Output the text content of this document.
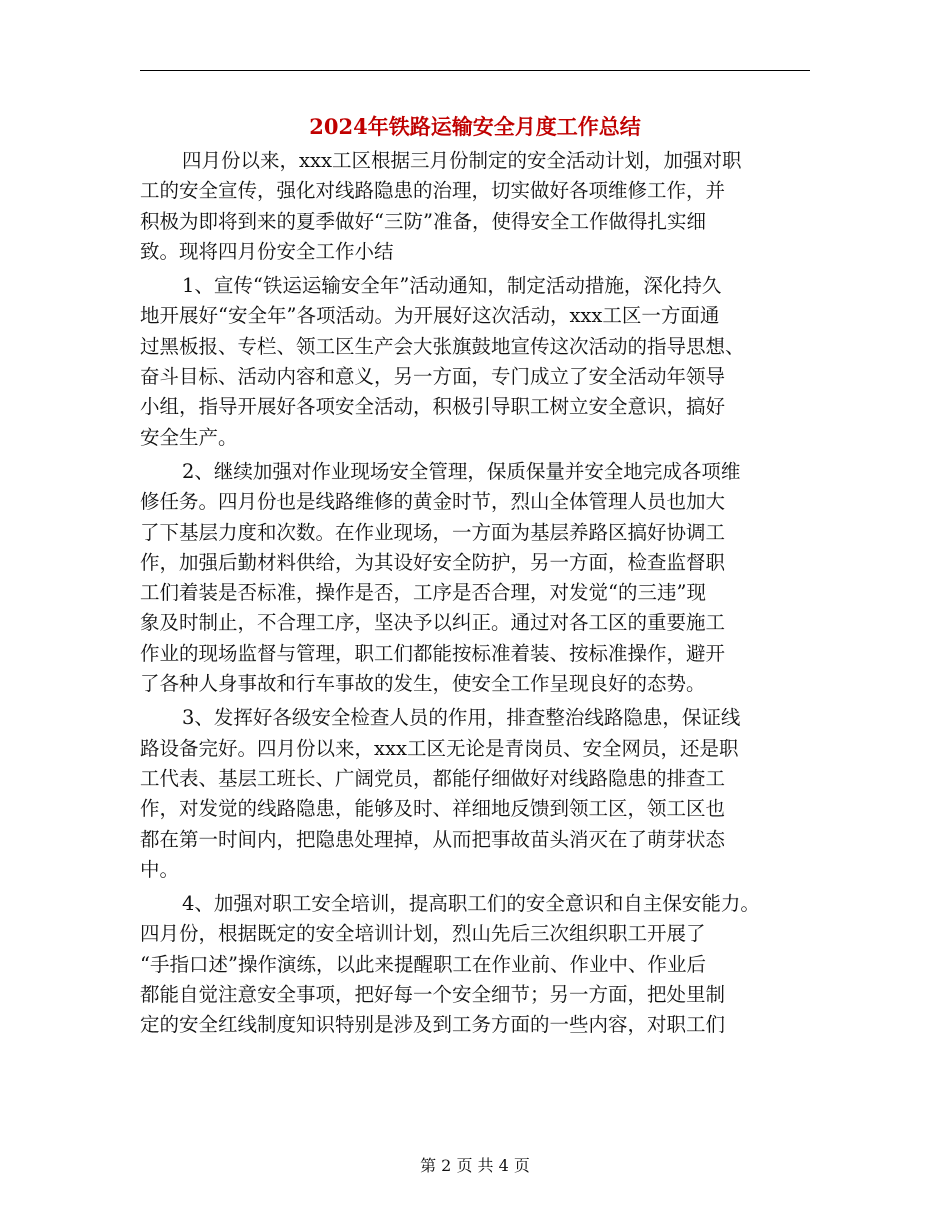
2024年铁路运输安全月度工作总结
四月份以来，xxx工区根据三月份制定的安全活动计划，加强对职
工的安全宣传，强化对线路隐患的治理，切实做好各项维修工作，并
积极为即将到来的夏季做好“三防”准备，使得安全工作做得扎实细
致。现将四月份安全工作小结
1、宣传“铁运运输安全年”活动通知，制定活动措施，深化持久
地开展好“安全年”各项活动。为开展好这次活动，xxx工区一方面通
过黑板报、专栏、领工区生产会大张旗鼓地宣传这次活动的指导思想、
奋斗目标、活动内容和意义，另一方面，专门成立了安全活动年领导
小组，指导开展好各项安全活动，积极引导职工树立安全意识，搞好
安全生产。
2、继续加强对作业现场安全管理，保质保量并安全地完成各项维
修任务。四月份也是线路维修的黄金时节，烈山全体管理人员也加大
了下基层力度和次数。在作业现场，一方面为基层养路区搞好协调工
作，加强后勤材料供给，为其设好安全防护，另一方面，检查监督职
工们着装是否标准，操作是否，工序是否合理，对发觉“的三违”现
象及时制止，不合理工序，坚决予以纠正。通过对各工区的重要施工
作业的现场监督与管理，职工们都能按标准着装、按标准操作，避开
了各种人身事故和行车事故的发生，使安全工作呈现良好的态势。
3、发挥好各级安全检查人员的作用，排查整治线路隐患，保证线
路设备完好。四月份以来，xxx工区无论是青岗员、安全网员，还是职
工代表、基层工班长、广阔党员，都能仔细做好对线路隐患的排查工
作，对发觉的线路隐患，能够及时、祥细地反馈到领工区，领工区也
都在第一时间内，把隐患处理掉，从而把事故苗头消灭在了萌芽状态
中。
4、加强对职工安全培训，提高职工们的安全意识和自主保安能力。
四月份，根据既定的安全培训计划，烈山先后三次组织职工开展了
“手指口述”操作演练，以此来提醒职工在作业前、作业中、作业后
都能自觉注意安全事项，把好每一个安全细节；另一方面，把处里制
定的安全红线制度知识特别是涉及到工务方面的一些内容，对职工们
第 2 页 共 4 页
